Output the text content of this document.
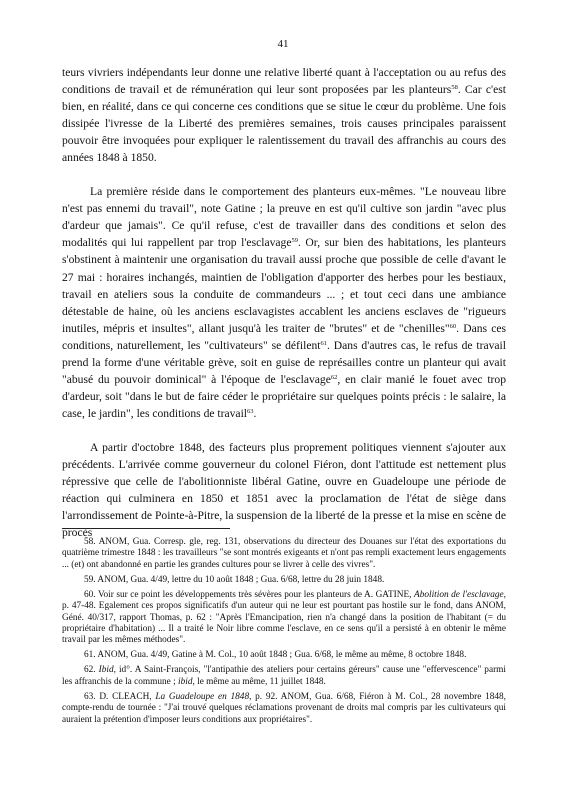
41

teurs vivriers indépendants leur donne une relative liberté quant à l'acceptation ou au refus des conditions de travail et de rémunération qui leur sont proposées par les planteurs$^{58}$. Car c'est bien, en réalité, dans ce qui concerne ces conditions que se situe le cœur du problème. Une fois dissipée l'ivresse de la Liberté des premières semaines, trois causes principales paraissent pouvoir être invoquées pour expliquer le ralentissement du travail des affranchis au cours des années 1848 à 1850.

La première réside dans le comportement des planteurs eux-mêmes. "Le nouveau libre n'est pas ennemi du travail", note Gatine ; la preuve en est qu'il cultive son jardin "avec plus d'ardeur que jamais". Ce qu'il refuse, c'est de travailler dans des conditions et selon des modalités qui lui rappellent par trop l'esclavage$^{59}$. Or, sur bien des habitations, les planteurs s'obstinent à maintenir une organisation du travail aussi proche que possible de celle d'avant le 27 mai : horaires inchangés, maintien de l'obligation d'apporter des herbes pour les bestiaux, travail en ateliers sous la conduite de commandeurs ... ; et tout ceci dans une ambiance détestable de haine, où les anciens esclavagistes accablent les anciens esclaves de "rigueurs inutiles, mépris et insultes", allant jusqu'à les traiter de "brutes" et de "chenilles"$^{60}$. Dans ces conditions, naturellement, les "cultivateurs" se défilent$^{61}$. Dans d'autres cas, le refus de travail prend la forme d'une véritable grève, soit en guise de représailles contre un planteur qui avait "abusé du pouvoir dominical" à l'époque de l'esclavage$^{62}$, en clair manié le fouet avec trop d'ardeur, soit "dans le but de faire céder le propriétaire sur quelques points précis : le salaire, la case, le jardin", les conditions de travail$^{63}$.

A partir d'octobre 1848, des facteurs plus proprement politiques viennent s'ajouter aux précédents. L'arrivée comme gouverneur du colonel Fiéron, dont l'attitude est nettement plus répressive que celle de l'abolitionniste libéral Gatine, ouvre en Guadeloupe une période de réaction qui culminera en 1850 et 1851 avec la proclamation de l'état de siège dans l'arrondissement de Pointe-à-Pitre, la suspension de la liberté de la presse et la mise en scène de procès

58. ANOM, Gua. Corresp. gle, reg. 131, observations du directeur des Douanes sur l'état des exportations du quatrième trimestre 1848 : les travailleurs "se sont montrés exigeants et n'ont pas rempli exactement leurs engagements ... (et) ont abandonné en partie les grandes cultures pour se livrer à celle des vivres".
59. ANOM, Gua. 4/49, lettre du 10 août 1848 ; Gua. 6/68, lettre du 28 juin 1848.
60. Voir sur ce point les développements très sévères pour les planteurs de A. GATINE, Abolition de l'esclavage, p. 47-48. Egalement ces propos significatifs d'un auteur qui ne leur est pourtant pas hostile sur le fond, dans ANOM, Géné. 40/317, rapport Thomas, p. 62 : "Après l'Emancipation, rien n'a changé dans la position de l'habitant (= du propriétaire d'habitation) ... Il a traité le Noir libre comme l'esclave, en ce sens qu'il a persisté à en obtenir le même travail par les mêmes méthodes".
61. ANOM, Gua. 4/49, Gatine à M. Col., 10 août 1848 ; Gua. 6/68, le même au même, 8 octobre 1848.
62. Ibid, id°. A Saint-François, "l'antipathie des ateliers pour certains géreurs" cause une "effervescence" parmi les affranchis de la commune ; ibid, le même au même, 11 juillet 1848.
63. D. CLEACH, La Guadeloupe en 1848, p. 92. ANOM, Gua. 6/68, Fiéron à M. Col., 28 novembre 1848, compte-rendu de tournée : "J'ai trouvé quelques réclamations provenant de droits mal compris par les cultivateurs qui auraient la prétention d'imposer leurs conditions aux propriétaires".
